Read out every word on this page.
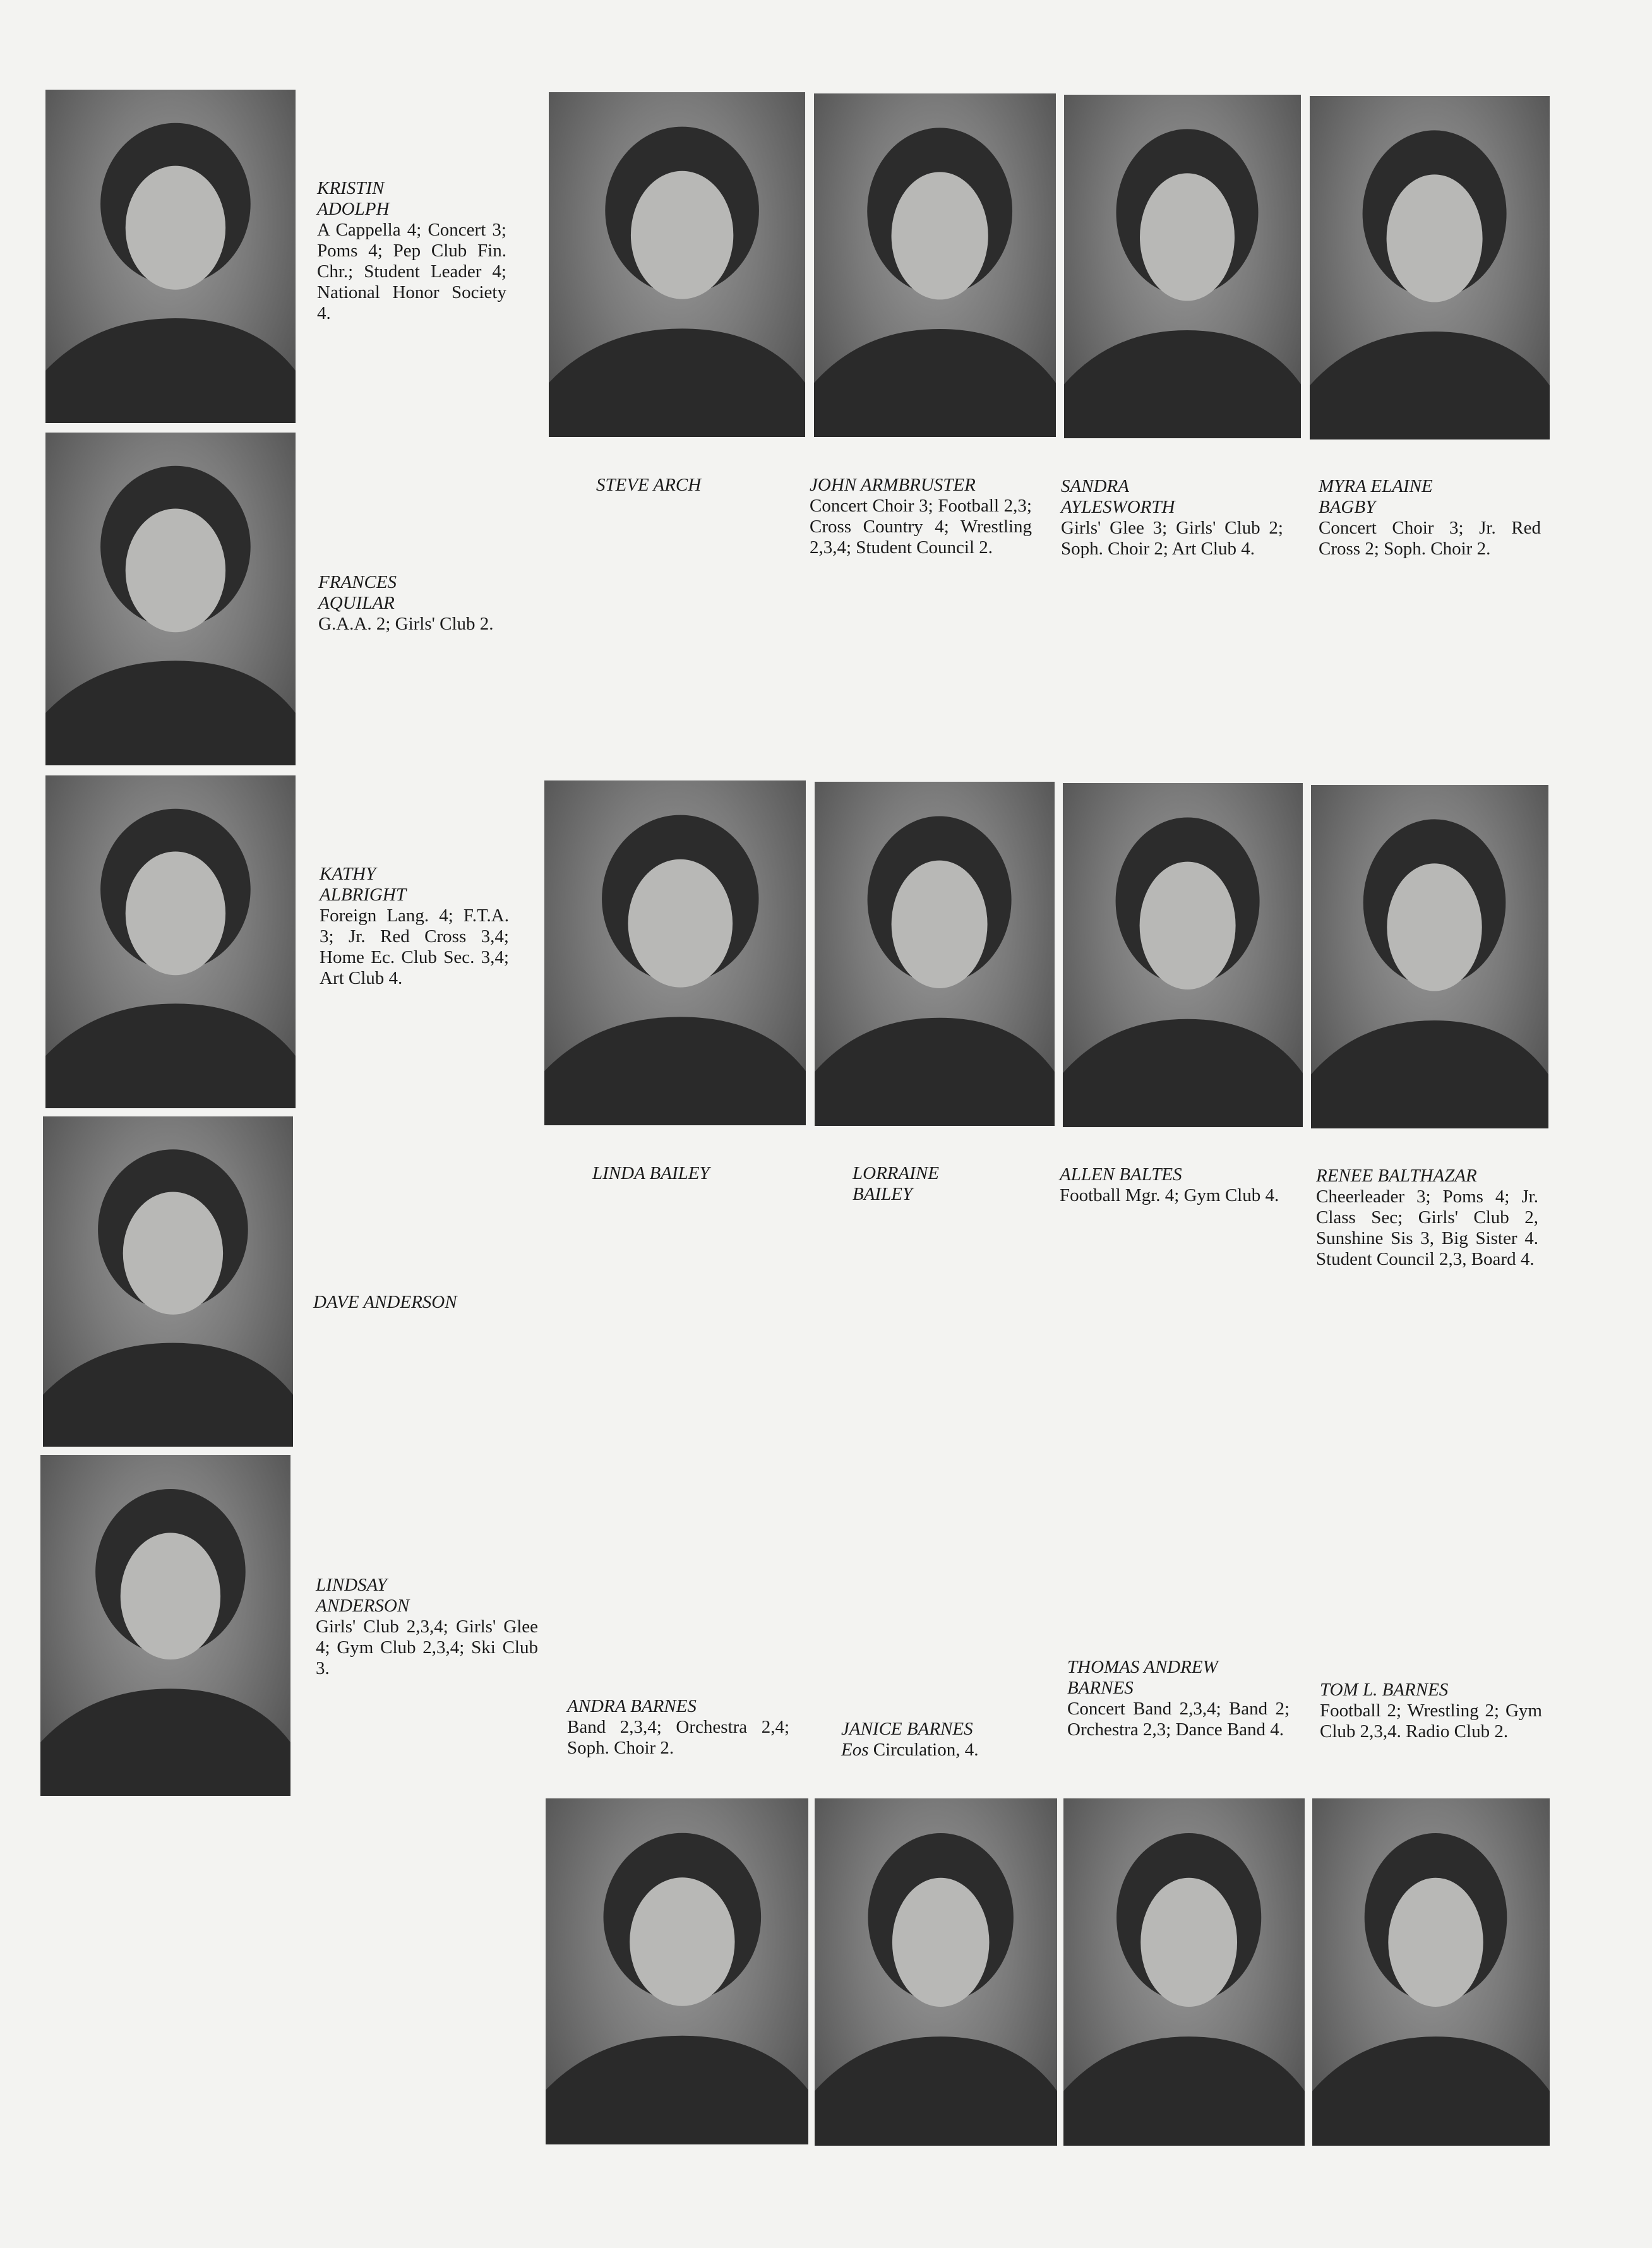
KRISTIN
ADOLPH
A Cappella 4; Concert 3; Poms 4; Pep Club Fin. Chr.; Student Leader 4; National Honor Society 4.
FRANCES
AQUILAR
G.A.A. 2; Girls' Club 2.
KATHY
ALBRIGHT
Foreign Lang. 4; F.T.A. 3; Jr. Red Cross 3,4; Home Ec. Club Sec. 3,4; Art Club 4.
DAVE ANDERSON
LINDSAY
ANDERSON
Girls' Club 2,3,4; Girls' Glee 4; Gym Club 2,3,4; Ski Club 3.
STEVE ARCH	JOHN ARMBRUSTER
Concert Choir 3; Football 2,3; Cross Country 4; Wrestling 2,3,4; Student Council 2.
SANDRA
AYLESWORTH
Girls' Glee 3; Girls' Club 2; Soph. Choir 2; Art Club 4.
MYRA ELAINE
BAGBY
Concert Choir 3; Jr. Red Cross 2; Soph. Choir 2.
LINDA BAILEY	LORRAINE
BAILEY
ALLEN BALTES
Football Mgr. 4; Gym Club 4.
RENEE BALTHAZAR
Cheerleader 3; Poms 4; Jr. Class Sec; Girls' Club 2, Sunshine Sis 3, Big Sister 4. Student Council 2,3, Board 4.
ANDRA BARNES
Band 2,3,4; Orchestra 2,4; Soph. Choir 2.
JANICE BARNES
Eos Circulation, 4.
THOMAS ANDREW
BARNES
Concert Band 2,3,4; Band 2; Orchestra 2,3; Dance Band 4.
TOM L. BARNES
Football 2; Wrestling 2; Gym Club 2,3,4. Radio Club 2.
